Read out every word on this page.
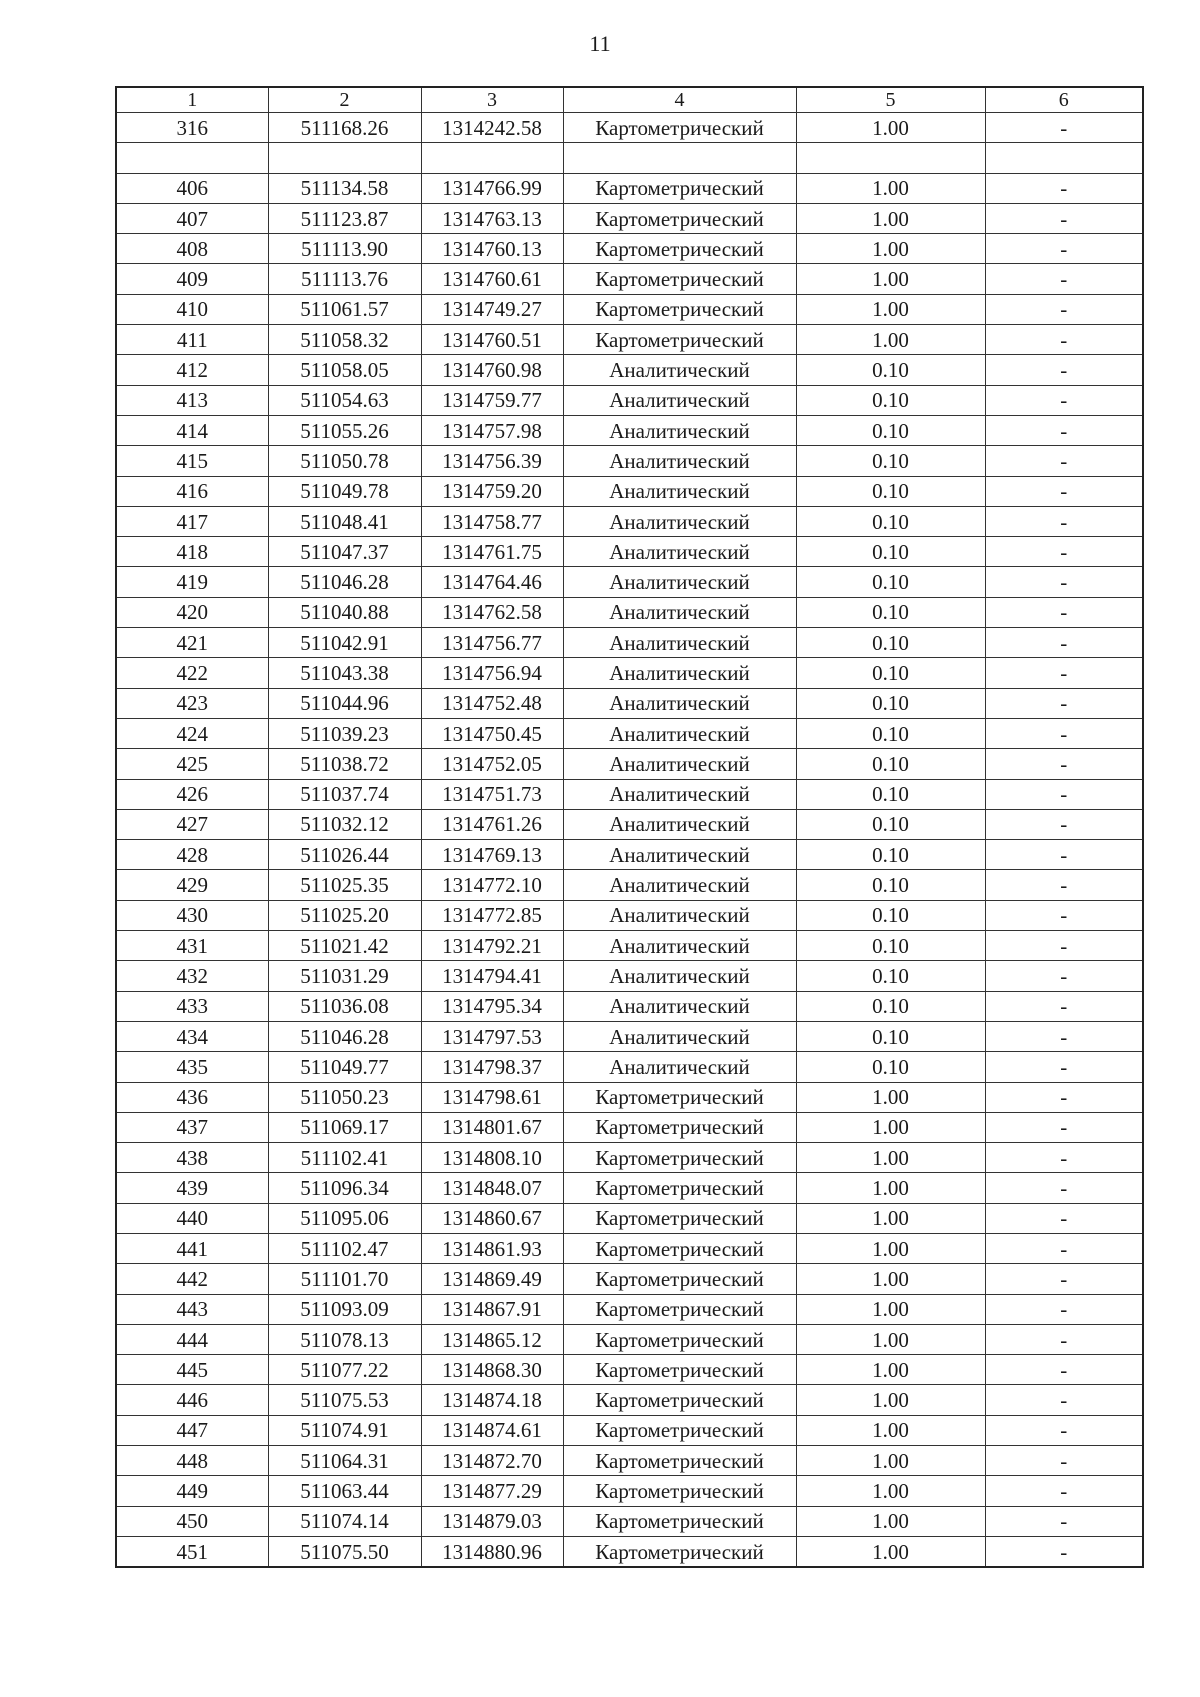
11
1	2	3	4	5	6
316	511168.26	1314242.58	Картометрический	1.00	-

406	511134.58	1314766.99	Картометрический	1.00	-
407	511123.87	1314763.13	Картометрический	1.00	-
408	511113.90	1314760.13	Картометрический	1.00	-
409	511113.76	1314760.61	Картометрический	1.00	-
410	511061.57	1314749.27	Картометрический	1.00	-
411	511058.32	1314760.51	Картометрический	1.00	-
412	511058.05	1314760.98	Аналитический	0.10	-
413	511054.63	1314759.77	Аналитический	0.10	-
414	511055.26	1314757.98	Аналитический	0.10	-
415	511050.78	1314756.39	Аналитический	0.10	-
416	511049.78	1314759.20	Аналитический	0.10	-
417	511048.41	1314758.77	Аналитический	0.10	-
418	511047.37	1314761.75	Аналитический	0.10	-
419	511046.28	1314764.46	Аналитический	0.10	-
420	511040.88	1314762.58	Аналитический	0.10	-
421	511042.91	1314756.77	Аналитический	0.10	-
422	511043.38	1314756.94	Аналитический	0.10	-
423	511044.96	1314752.48	Аналитический	0.10	-
424	511039.23	1314750.45	Аналитический	0.10	-
425	511038.72	1314752.05	Аналитический	0.10	-
426	511037.74	1314751.73	Аналитический	0.10	-
427	511032.12	1314761.26	Аналитический	0.10	-
428	511026.44	1314769.13	Аналитический	0.10	-
429	511025.35	1314772.10	Аналитический	0.10	-
430	511025.20	1314772.85	Аналитический	0.10	-
431	511021.42	1314792.21	Аналитический	0.10	-
432	511031.29	1314794.41	Аналитический	0.10	-
433	511036.08	1314795.34	Аналитический	0.10	-
434	511046.28	1314797.53	Аналитический	0.10	-
435	511049.77	1314798.37	Аналитический	0.10	-
436	511050.23	1314798.61	Картометрический	1.00	-
437	511069.17	1314801.67	Картометрический	1.00	-
438	511102.41	1314808.10	Картометрический	1.00	-
439	511096.34	1314848.07	Картометрический	1.00	-
440	511095.06	1314860.67	Картометрический	1.00	-
441	511102.47	1314861.93	Картометрический	1.00	-
442	511101.70	1314869.49	Картометрический	1.00	-
443	511093.09	1314867.91	Картометрический	1.00	-
444	511078.13	1314865.12	Картометрический	1.00	-
445	511077.22	1314868.30	Картометрический	1.00	-
446	511075.53	1314874.18	Картометрический	1.00	-
447	511074.91	1314874.61	Картометрический	1.00	-
448	511064.31	1314872.70	Картометрический	1.00	-
449	511063.44	1314877.29	Картометрический	1.00	-
450	511074.14	1314879.03	Картометрический	1.00	-
451	511075.50	1314880.96	Картометрический	1.00	-
